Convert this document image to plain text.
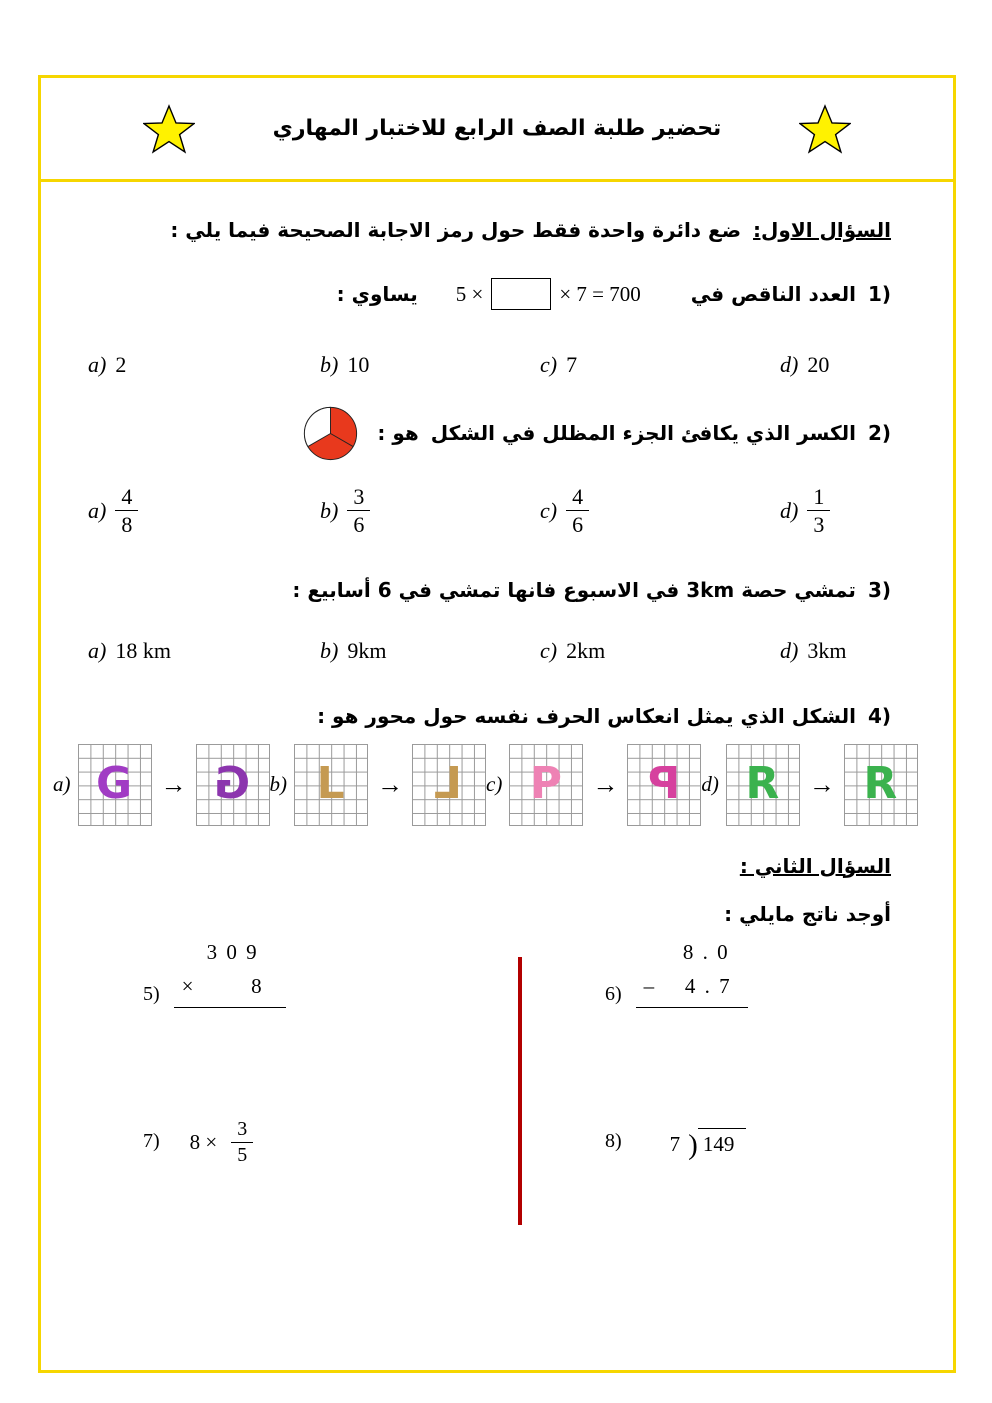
تحضير طلبة الصف الرابع للاختبار المهاري
السؤال الاول:
ضع دائرة واحدة فقط حول رمز الاجابة الصحيحة فيما يلي :
1)
العدد الناقص في
5 ×	× 7 = 700
يساوي :
a) 2	b) 10	c) 7	d) 20
2)
الكسر الذي يكافئ الجزء المظلل في الشكل
هو :
$a) \frac{4}{8}$	$b) \frac{3}{6}$	$c) \frac{4}{6}$	$d) \frac{1}{3}$
3)
تمشي حصة 3km في الاسبوع فانها تمشي في 6 أسابيع :
a) 18 km	b) 9km	c) 2km	d) 3km
4)
الشكل الذي يمثل انعكاس الحرف نفسه حول محور هو :
a) G → G b) L → L c) P → P d) R → R
السؤال الثاني :
أوجد ناتج مايلي :
5)
3 0 9
×	8	6)
8 . 0
– 4 . 7
7) $8 \times \frac{3}{5}$	8) 7 ) 149
